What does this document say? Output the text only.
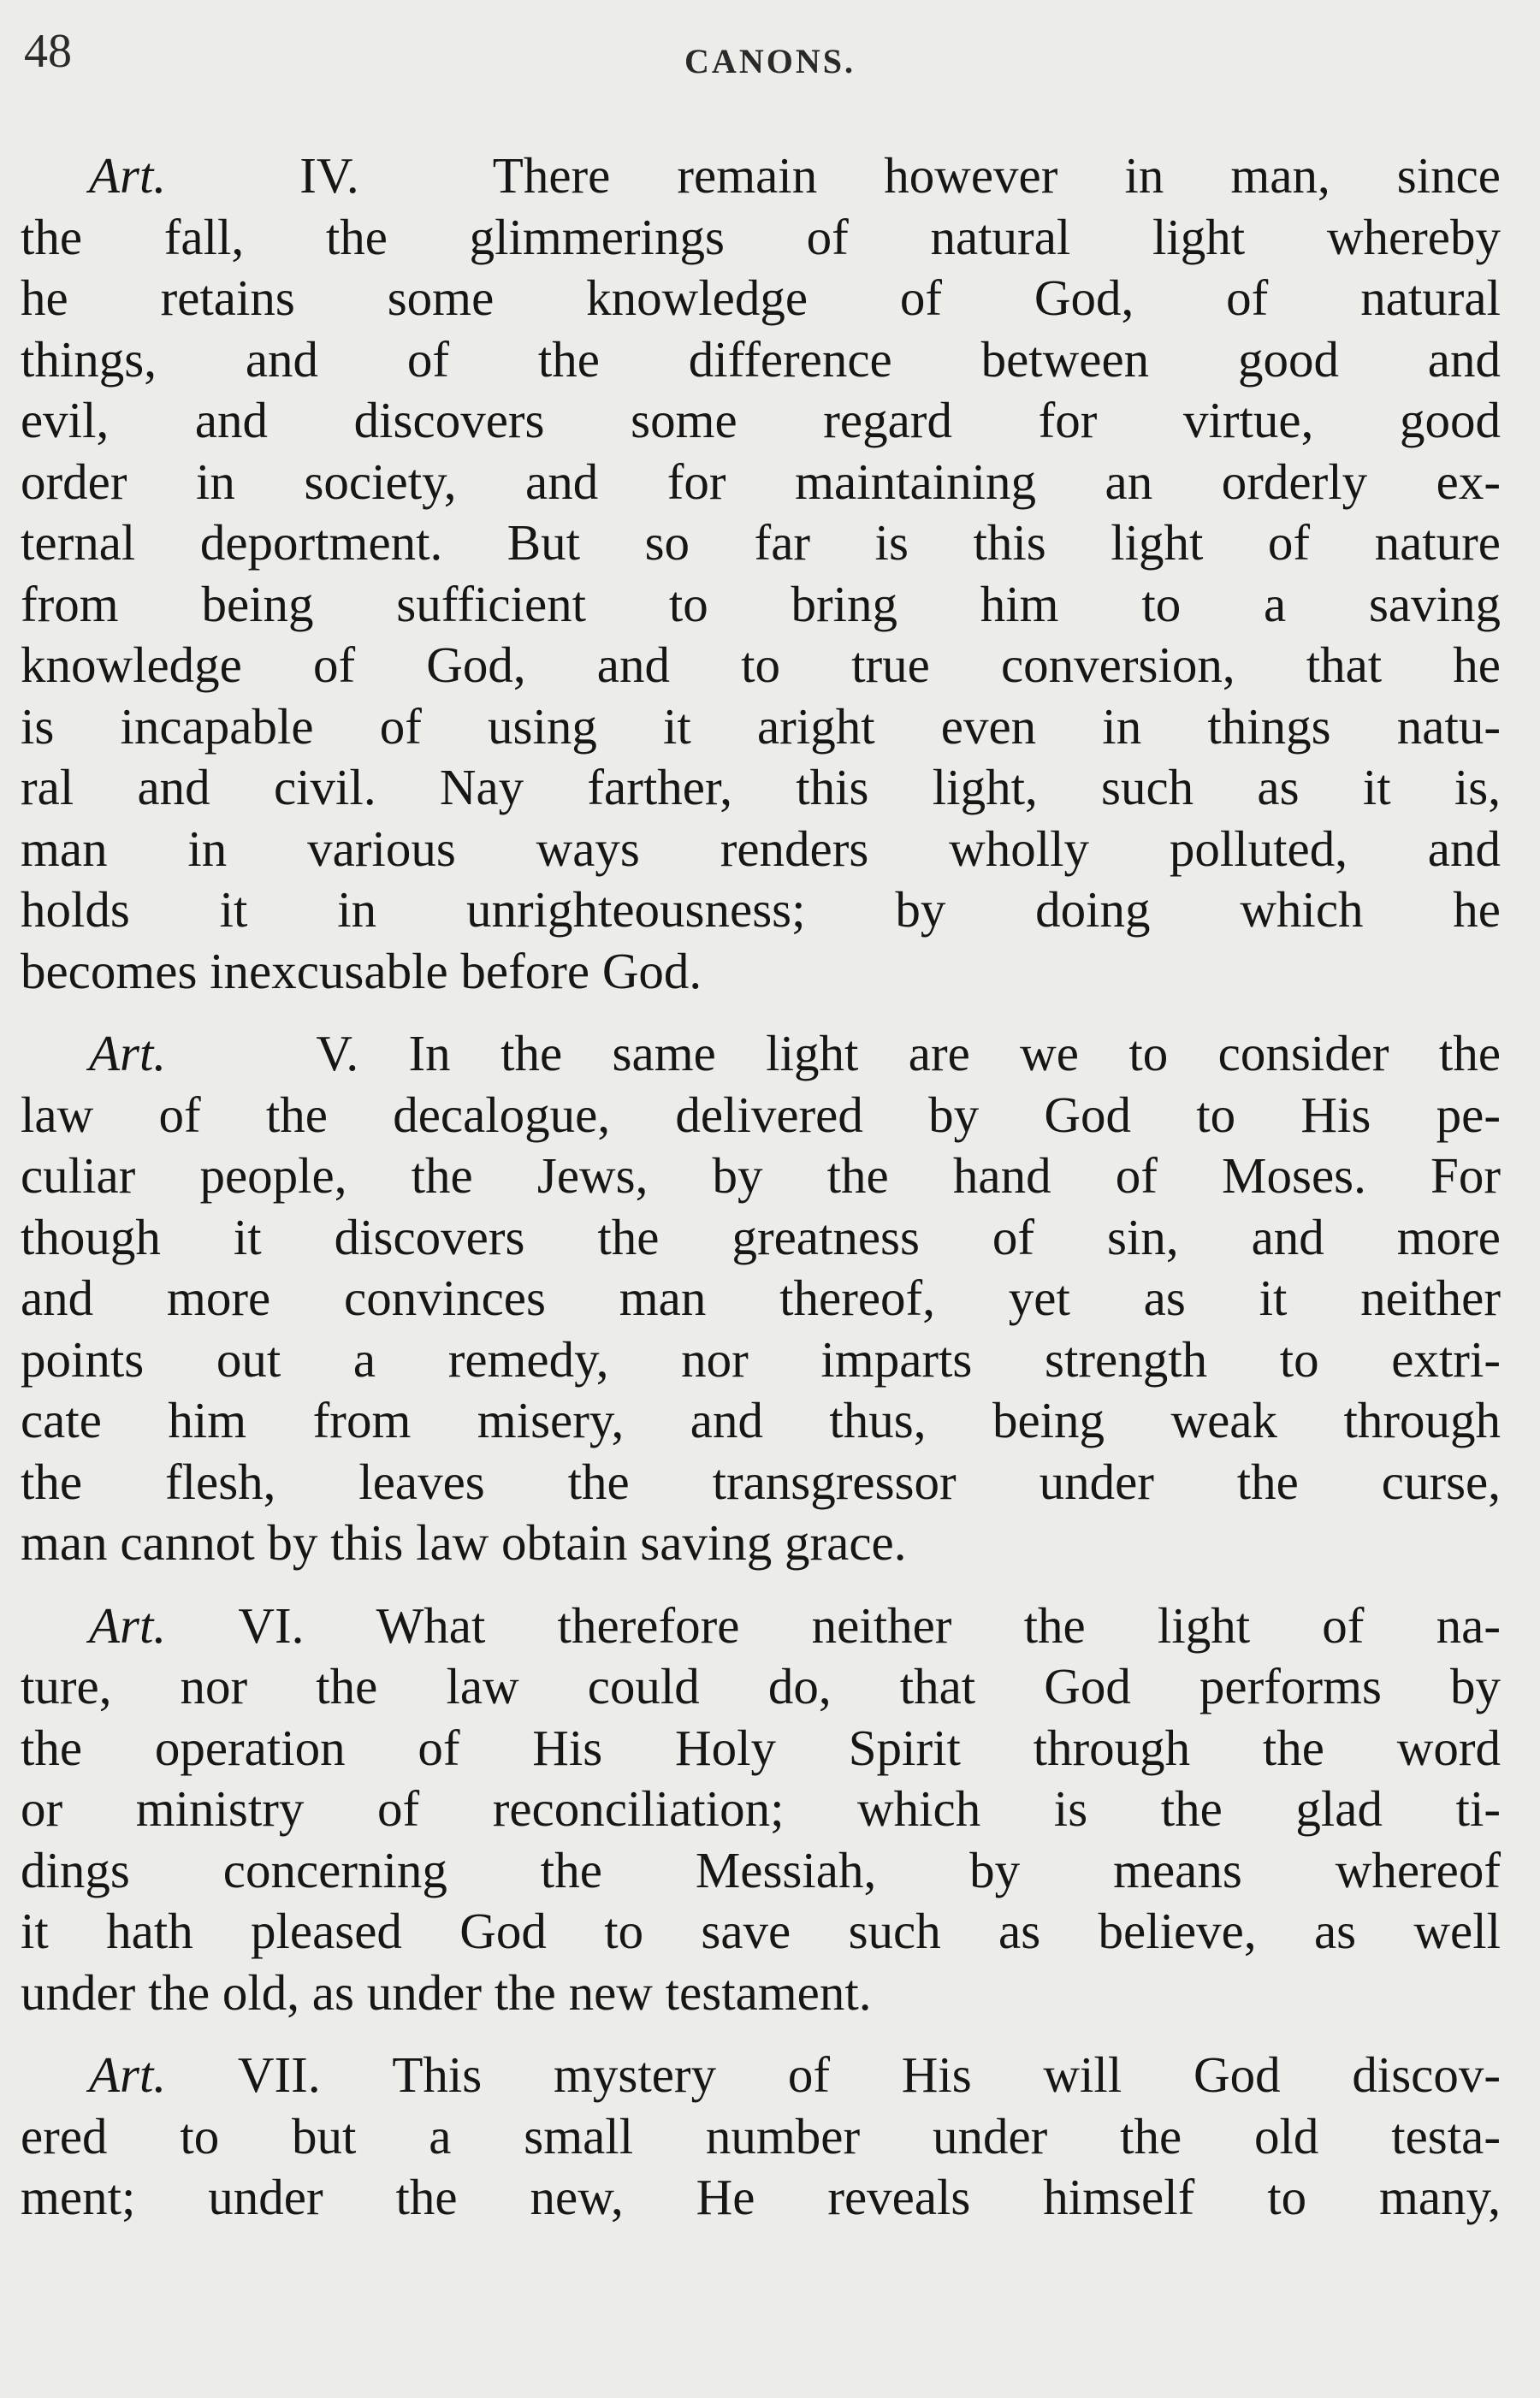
48	CANONS.
Art.	IV.	There remain however in man, since
the fall, the glimmerings of natural light whereby
he retains some knowledge of God, of natural
things, and of the difference between good and
evil, and discovers some regard for virtue, good
order in society, and for maintaining an orderly ex-
ternal deportment. But so far is this light of nature
from being sufficient to bring him to a saving
knowledge of God, and to true conversion, that he
is incapable of using it aright even in things natu-
ral and civil. Nay farther, this light, such as it is,
man in various ways renders wholly polluted, and
holds it in unrighteousness; by doing which he
becomes inexcusable before God.
Art.	V. In the same light are we to consider the
law of the decalogue, delivered by God to His pe-
culiar people, the Jews, by the hand of Moses. For
though it discovers the greatness of sin, and more
and more convinces man thereof, yet as it neither
points out a remedy, nor imparts strength to extri-
cate him from misery, and thus, being weak through
the flesh, leaves the transgressor under the curse,
man cannot by this law obtain saving grace.
Art. VI. What therefore neither the light of na-
ture, nor the law could do, that God performs by
the operation of His Holy Spirit through the word
or ministry of reconciliation; which is the glad ti-
dings concerning the Messiah, by means whereof
it hath pleased God to save such as believe, as well
under the old, as under the new testament.
Art. VII. This mystery of His will God discov-
ered to but a small number under the old testa-
ment; under the new, He reveals himself to many,
